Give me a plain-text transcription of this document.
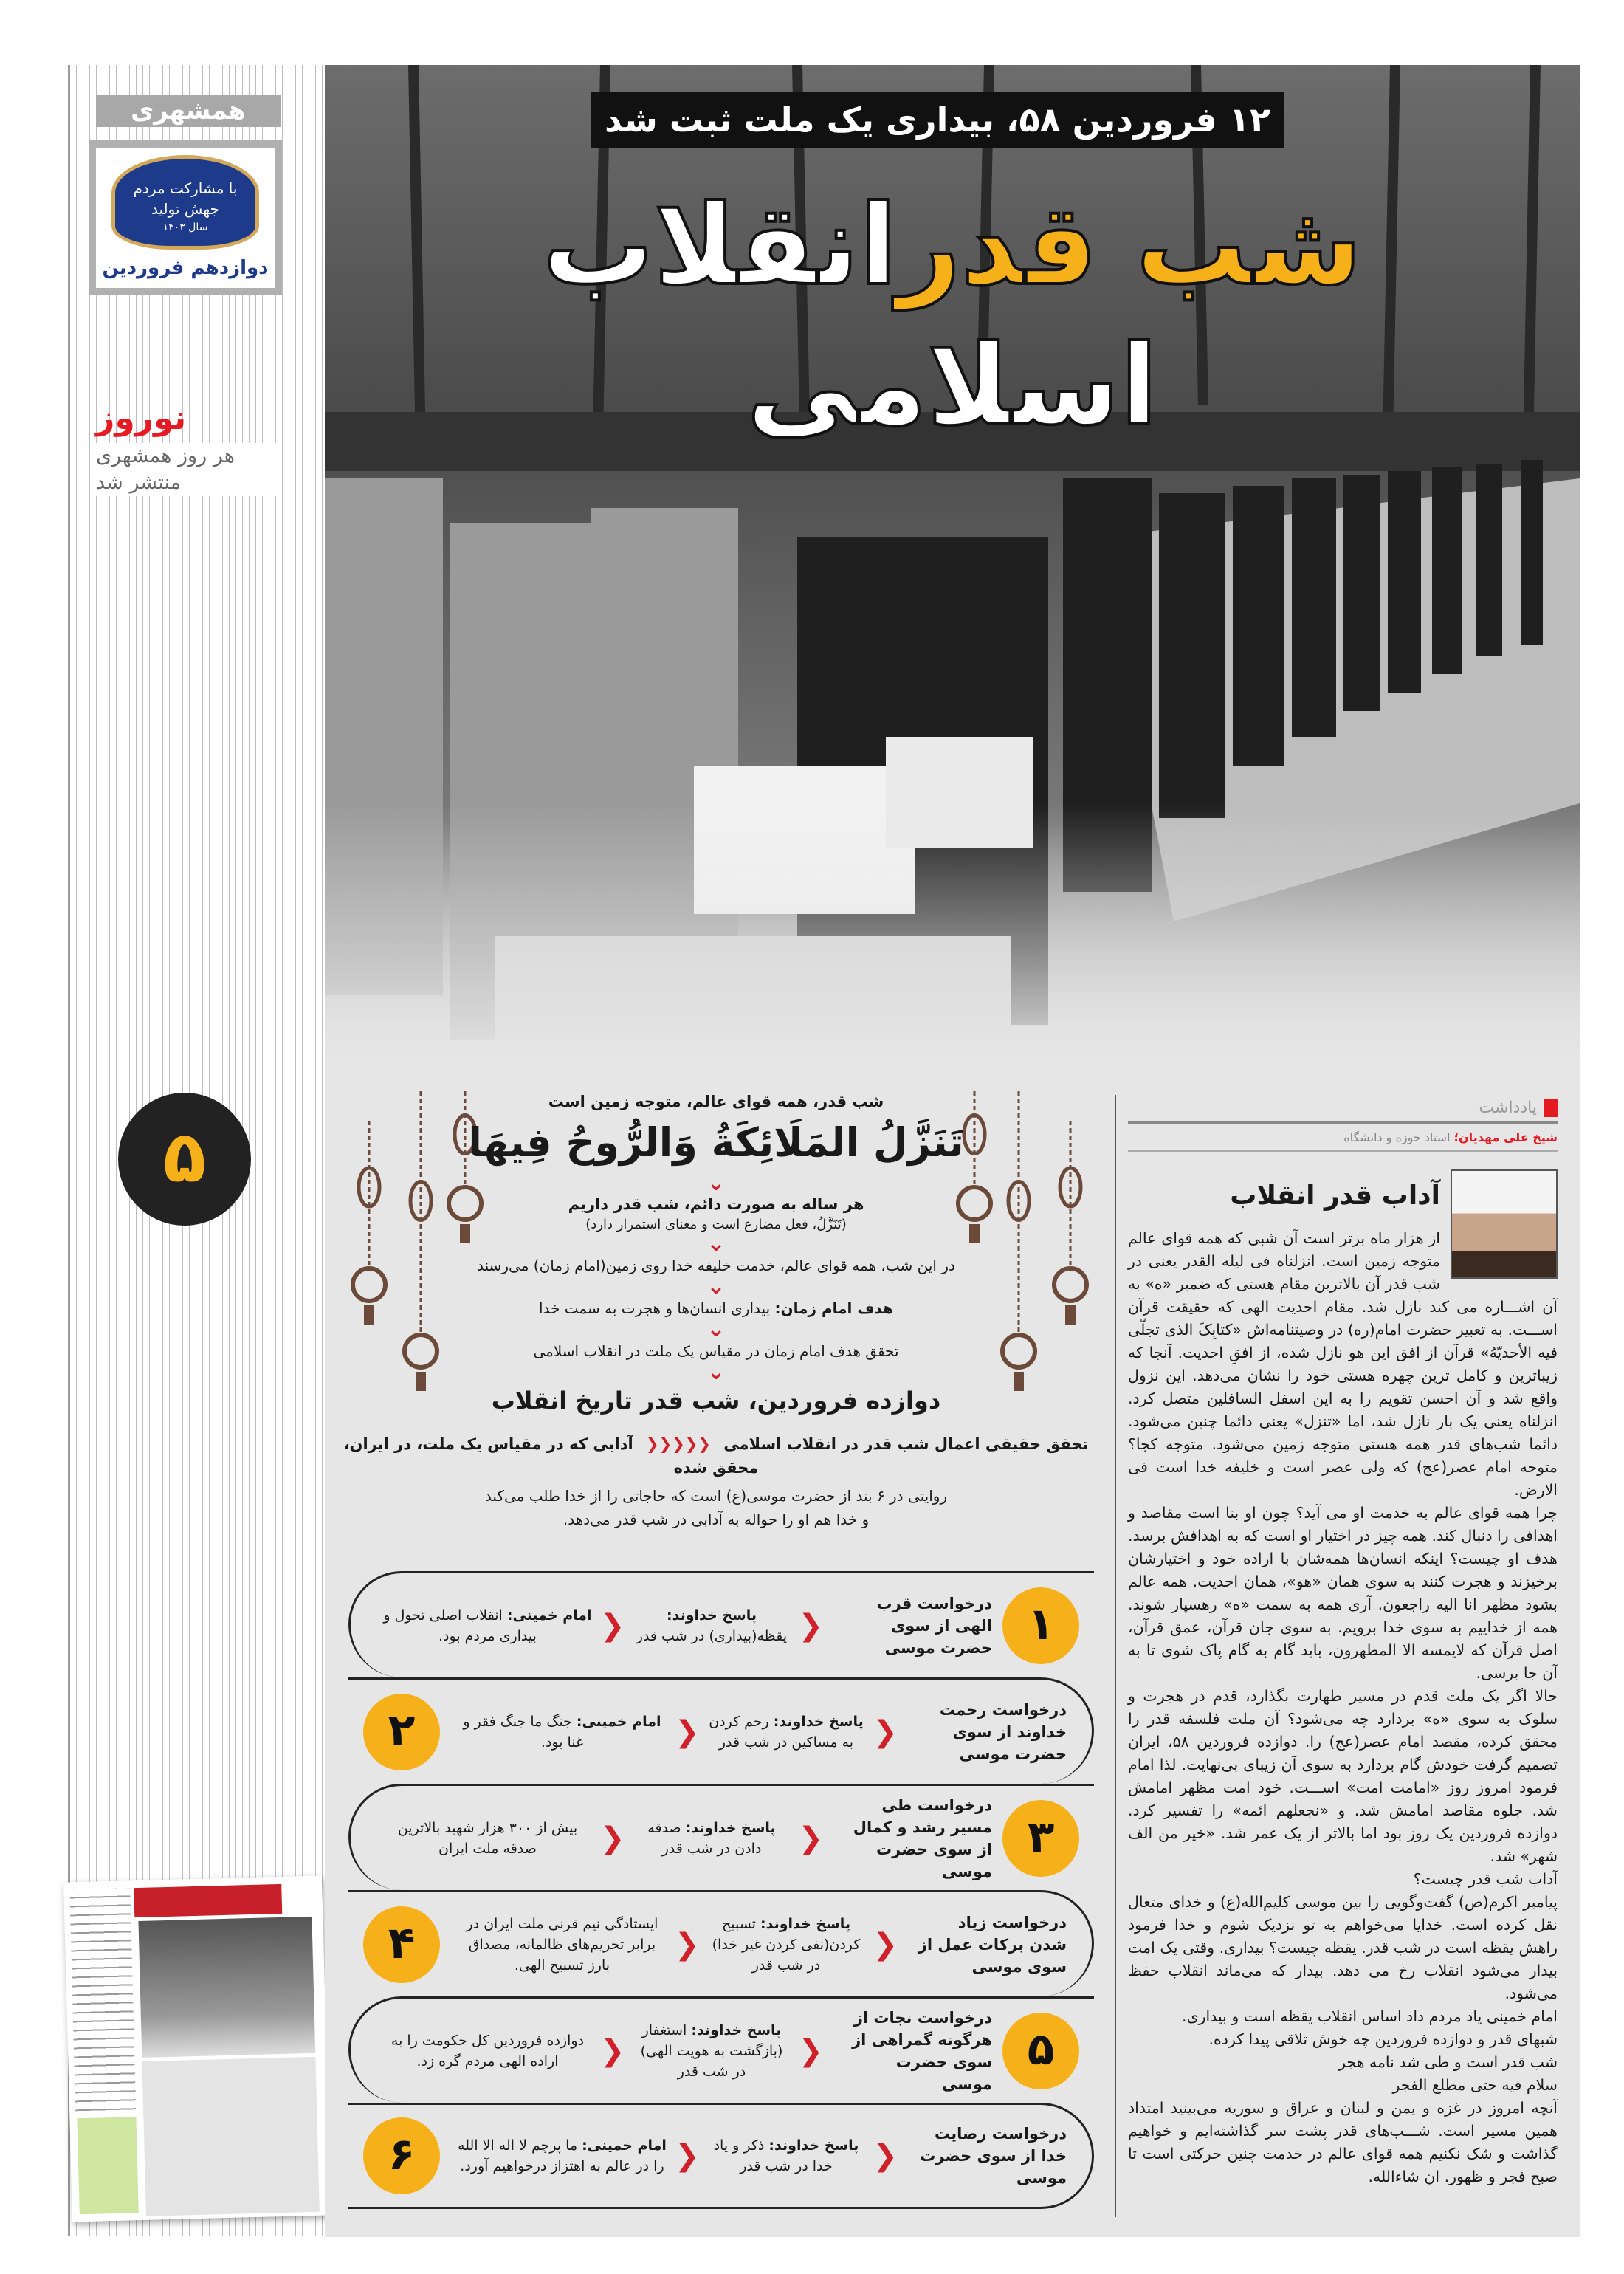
همشهری
با مشارکت مردم جهش تولید
سال ۱۴۰۳
دوازدهم فروردین
نوروز
هر روز همشهری
منتشر شد
۵
۱۲ فروردین ۵۸، بیداری یک ملت ثبت شد
شب قدرانقلاب اسلامی
شب قدر، همه قوای عالم، متوجه زمین است
تَنَزَّلُ المَلَائِکَةُ وَالرُّوحُ فِیهَا
⌄
هر ساله به صورت دائم، شب قدر داریم
(تَنَزَّلُ، فعل مضارع است و معنای استمرار دارد)
⌄
در این شب، همه قوای عالم، خدمت خلیفه خدا روی زمین(امام زمان) می‌رسند
⌄
هدف امام زمان: بیداری انسان‌ها و هجرت به سمت خدا
⌄
تحقق هدف امام زمان در مقیاس یک ملت در انقلاب اسلامی
⌄
دوازده فروردین، شب قدر تاریخ انقلاب
تحقق حقیقی اعمال شب قدر در انقلاب اسلامی ❮❮❮❮❮ آدابی که در مقیاس یک ملت، در ایران، محقق شده
روایتی در ۶ بند از حضرت موسی(ع) است که حاجاتی را از خدا طلب می‌کند
و خدا هم او را حواله به آدابی در شب قدر می‌دهد.
۱
درخواست قرب الهی از سوی حضرت موسی
❮
پاسخ خداوند: یقظه(بیداری) در شب قدر
❮
امام خمینی: انقلاب اصلی تحول و بیداری مردم بود.
درخواست رحمت خداوند از سوی حضرت موسی
❮
پاسخ خداوند: رحم کردن به مساکین در شب قدر
❮
امام خمینی: جنگ ما جنگ فقر و غنا بود.
۲
۳
درخواست طی مسیر رشد و کمال از سوی حضرت موسی
❮
پاسخ خداوند: صدقه دادن در شب قدر
❮
بیش از ۳۰۰ هزار شهید بالاترین صدقه ملت ایران
درخواست زیاد شدن برکات عمل از سوی موسی
❮
پاسخ خداوند: تسبیح کردن(نفی کردن غیر خدا) در شب قدر
❮
ایستادگی نیم قرنی ملت ایران در برابر تحریم‌های ظالمانه، مصداق بارز تسبیح الهی.
۴
۵
درخواست نجات از هرگونه گمراهی از سوی حضرت موسی
❮
پاسخ خداوند: استغفار (بازگشت به هویت الهی) در شب قدر
❮
دوازده فروردین کل حکومت را به اراده الهی مردم گره زد.
درخواست رضایت خدا از سوی حضرت موسی
❮
پاسخ خداوند: ذکر و یاد خدا در شب قدر
❮
امام خمینی: ما پرچم لا اله الا الله را در عالم به اهتزاز درخواهیم آورد.
۶
یادداشت
شیخ علی مهدیان؛ استاد حوزه و دانشگاه
آداب قدر انقلاب

از هزار ماه برتر است آن شبی که همه قوای عالم متوجه زمین است. انزلناه فی لیله القدر یعنی در شب قدر آن بالاترین مقام هستی که ضمیر «ه» به آن اشـــاره می کند نازل شد. مقام احدیت الهی که حقیقت قرآن اســـت. به تعبیر حضرت امام(ره) در وصیتنامه‌اش «کتابِکَ الذی تجلّی فیه الأحدیّهُ» قرآن از افق این هو نازل شده، از افقِ احدیت. آنجا که زیباترین و کامل ترین چهره هستی خود را نشان می‌دهد. این نزول واقع شد و آن احسن تقویم را به این اسفل السافلین متصل کرد. انزلناه یعنی یک بار نازل شد، اما «تنزل» یعنی دائما چنین می‌شود. دائما شب‌های قدر همه هستی متوجه زمین می‌شود. متوجه کجا؟ متوجه امام عصر(عج) که ولی عصر است و خلیفه خدا است فی الارض.

چرا همه قوای عالم به خدمت او می آید؟ چون او بنا است مقاصد و اهدافی را دنبال کند. همه چیز در اختیار او است که به اهدافش برسد. هدف او چیست؟ اینکه انسان‌ها همه‌شان با اراده خود و اختیارشان برخیزند و هجرت کنند به سوی همان «هو»، همان احدیت. همه عالم بشود مظهر انا الیه راجعون. آری همه به سمت «ه» رهسپار شوند. همه از خداییم به سوی خدا برویم. به سوی جان قرآن، عمق قرآن، اصل قرآن که لایمسه الا المطهرون، باید گام به گام پاک شوی تا به آن جا برسی.

حالا اگر یک ملت قدم در مسیر طهارت بگذارد، قدم در هجرت و سلوک به سوی «ه» بردارد چه می‌شود؟ آن ملت فلسفه قدر را محقق کرده، مقصد امام عصر(عج) را. دوازده فروردین ۵۸، ایران تصمیم گرفت خودش گام بردارد به سوی آن زیبای بی‌نهایت. لذا امام فرمود امروز روز «امامت امت» اســـت. خود امت مظهر امامش شد. جلوه مقاصد امامش شد. و «نجعلهم ائمه» را تفسیر کرد. دوازده فروردین یک روز بود اما بالاتر از یک عمر شد. «خیر من الف شهر» شد.

آداب شب قدر چیست؟

پیامبر اکرم(ص) گفت‌وگویی را بین موسی کلیم‌الله(ع) و خدای متعال نقل کرده است. خدایا می‌خواهم به تو نزدیک شوم و خدا فرمود راهش یقظه است در شب قدر. یقظه چیست؟ بیداری. وقتی یک امت بیدار می‌شود انقلاب رخ می دهد. بیدار که می‌ماند انقلاب حفظ می‌شود.

امام خمینی یاد مردم داد اساس انقلاب یقظه است و بیداری.

شبهای قدر و دوازده فروردین چه خوش تلاقی پیدا کرده.

شب قدر است و طی شد نامه هجر

سلام فیه حتی مطلع الفجر

آنچه امروز در غزه و یمن و لبنان و عراق و سوریه می‌بینید امتداد همین مسیر است. شـــب‌های قدر پشت سر گذاشته‌ایم و خواهیم گذاشت و شک نکنیم همه قوای عالم در خدمت چنین حرکتی است تا صبح فجر و ظهور. ان شاءالله.
